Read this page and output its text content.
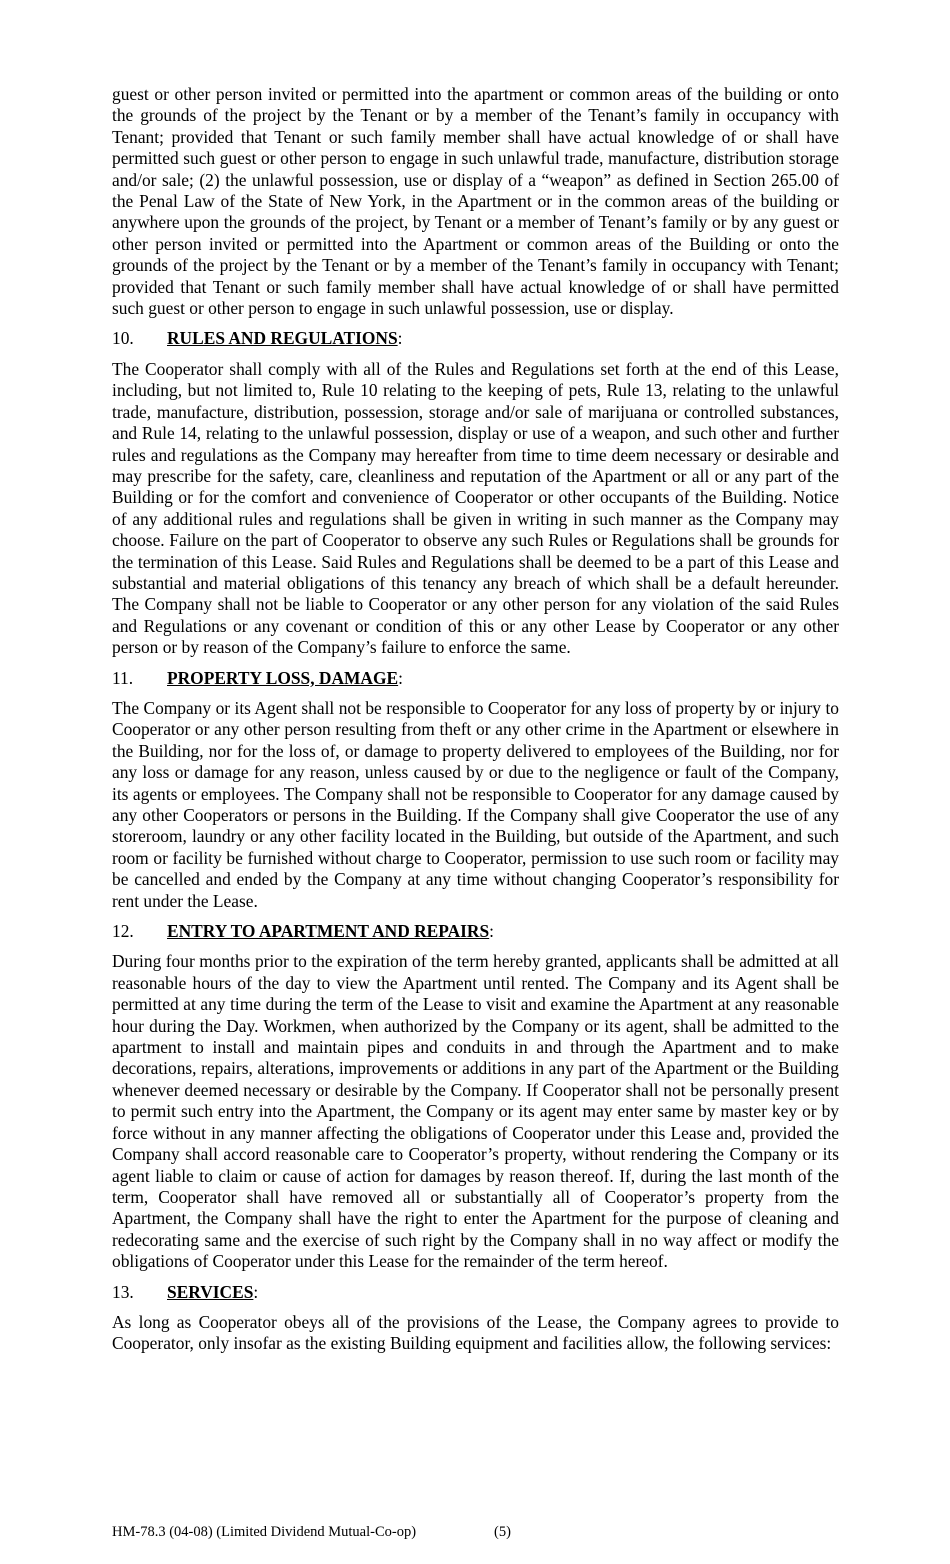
guest or other person invited or permitted into the apartment or common areas of the building or onto the grounds of the project by the Tenant or by a member of the Tenant’s family in occupancy with Tenant; provided that Tenant or such family member shall have actual knowledge of or shall have permitted such guest or other person to engage in such unlawful trade, manufacture, distribution storage and/or sale; (2) the unlawful possession, use or display of a “weapon” as defined in Section 265.00 of the Penal Law of the State of New York, in the Apartment or in the common areas of the building or anywhere upon the grounds of the project, by Tenant or a member of Tenant’s family or by any guest or other person invited or permitted into the Apartment or common areas of the Building or onto the grounds of the project by the Tenant or by a member of the Tenant’s family in occupancy with Tenant; provided that Tenant or such family member shall have actual knowledge of or shall have permitted such guest or other person to engage in such unlawful possession, use or display.

10. RULES AND REGULATIONS:

The Cooperator shall comply with all of the Rules and Regulations set forth at the end of this Lease, including, but not limited to, Rule 10 relating to the keeping of pets, Rule 13, relating to the unlawful trade, manufacture, distribution, possession, storage and/or sale of marijuana or controlled substances, and Rule 14, relating to the unlawful possession, display or use of a weapon, and such other and further rules and regulations as the Company may hereafter from time to time deem necessary or desirable and may prescribe for the safety, care, cleanliness and reputation of the Apartment or all or any part of the Building or for the comfort and convenience of Cooperator or other occupants of the Building. Notice of any additional rules and regulations shall be given in writing in such manner as the Company may choose. Failure on the part of Cooperator to observe any such Rules or Regulations shall be grounds for the termination of this Lease. Said Rules and Regulations shall be deemed to be a part of this Lease and substantial and material obligations of this tenancy any breach of which shall be a default hereunder. The Company shall not be liable to Cooperator or any other person for any violation of the said Rules and Regulations or any covenant or condition of this or any other Lease by Cooperator or any other person or by reason of the Company’s failure to enforce the same.

11. PROPERTY LOSS, DAMAGE:

The Company or its Agent shall not be responsible to Cooperator for any loss of property by or injury to Cooperator or any other person resulting from theft or any other crime in the Apartment or elsewhere in the Building, nor for the loss of, or damage to property delivered to employees of the Building, nor for any loss or damage for any reason, unless caused by or due to the negligence or fault of the Company, its agents or employees. The Company shall not be responsible to Cooperator for any damage caused by any other Cooperators or persons in the Building. If the Company shall give Cooperator the use of any storeroom, laundry or any other facility located in the Building, but outside of the Apartment, and such room or facility be furnished without charge to Cooperator, permission to use such room or facility may be cancelled and ended by the Company at any time without changing Cooperator’s responsibility for rent under the Lease.

12. ENTRY TO APARTMENT AND REPAIRS:

During four months prior to the expiration of the term hereby granted, applicants shall be admitted at all reasonable hours of the day to view the Apartment until rented. The Company and its Agent shall be permitted at any time during the term of the Lease to visit and examine the Apartment at any reasonable hour during the Day. Workmen, when authorized by the Company or its agent, shall be admitted to the apartment to install and maintain pipes and conduits in and through the Apartment and to make decorations, repairs, alterations, improvements or additions in any part of the Apartment or the Building whenever deemed necessary or desirable by the Company. If Cooperator shall not be personally present to permit such entry into the Apartment, the Company or its agent may enter same by master key or by force without in any manner affecting the obligations of Cooperator under this Lease and, provided the Company shall accord reasonable care to Cooperator’s property, without rendering the Company or its agent liable to claim or cause of action for damages by reason thereof. If, during the last month of the term, Cooperator shall have removed all or substantially all of Cooperator’s property from the Apartment, the Company shall have the right to enter the Apartment for the purpose of cleaning and redecorating same and the exercise of such right by the Company shall in no way affect or modify the obligations of Cooperator under this Lease for the remainder of the term hereof.

13. SERVICES:

As long as Cooperator obeys all of the provisions of the Lease, the Company agrees to provide to Cooperator, only insofar as the existing Building equipment and facilities allow, the following services:

HM-78.3 (04-08) (Limited Dividend Mutual-Co-op)	(5)
